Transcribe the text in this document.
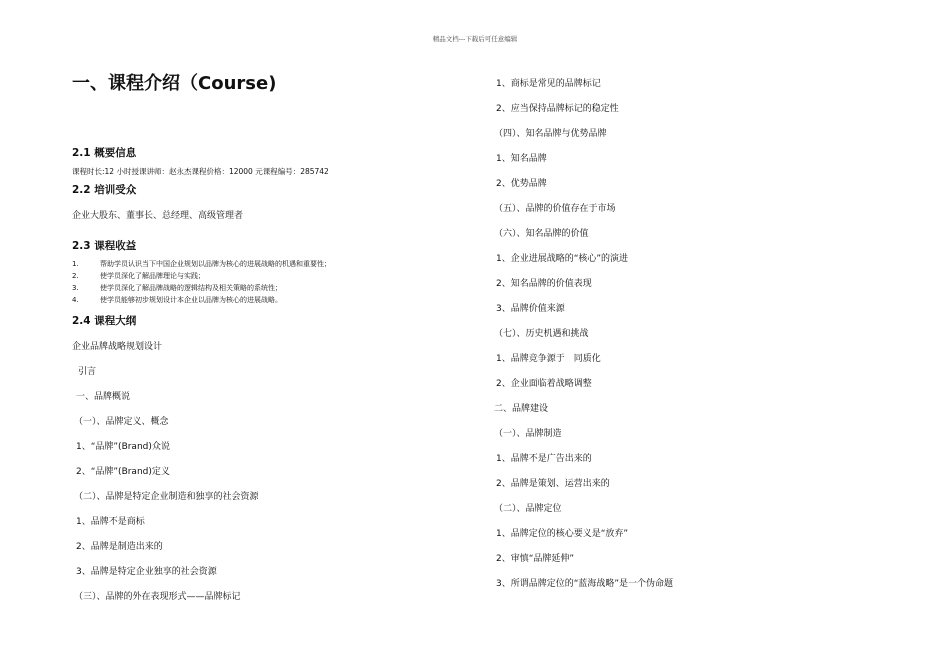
精品文档---下载后可任意编辑
一、课程介绍（Course)
2.1 概要信息
课程时长:12 小时授课讲师：赵永杰课程价格：12000 元课程编号：285742
2.2 培训受众
企业大股东、董事长、总经理、高级管理者
2.3 课程收益
1.	帮助学员认识当下中国企业规划以品牌为核心的进展战略的机遇和重要性；
2.	使学员深化了解品牌理论与实践；
3.	使学员深化了解品牌战略的逻辑结构及相关策略的系统性；
4.	使学员能够初步规划设计本企业以品牌为核心的进展战略。
2.4 课程大纲
企业品牌战略规划设计
引言
一、品牌概说
（一）、品牌定义、概念
1、“品牌”(Brand)众说
2、“品牌”(Brand)定义
（二）、品牌是特定企业制造和独享的社会资源
1、品牌不是商标
2、品牌是制造出来的
3、品牌是特定企业独享的社会资源
（三）、品牌的外在表现形式——品牌标记
1、商标是常见的品牌标记
2、应当保持品牌标记的稳定性
（四）、知名品牌与优势品牌
1、知名品牌
2、优势品牌
（五）、品牌的价值存在于市场
（六）、知名品牌的价值
1、企业进展战略的“核心”的演进
2、知名品牌的价值表现
3、品牌价值来源
（七）、历史机遇和挑战
1、品牌竞争源于　同质化
2、企业面临着战略调整
二、品牌建设
（一）、品牌制造
1、品牌不是广告出来的
2、品牌是策划、运营出来的
（二）、品牌定位
1、品牌定位的核心要义是“放弃”
2、审慎“品牌延伸”
3、所谓品牌定位的“蓝海战略”是一个伪命题
